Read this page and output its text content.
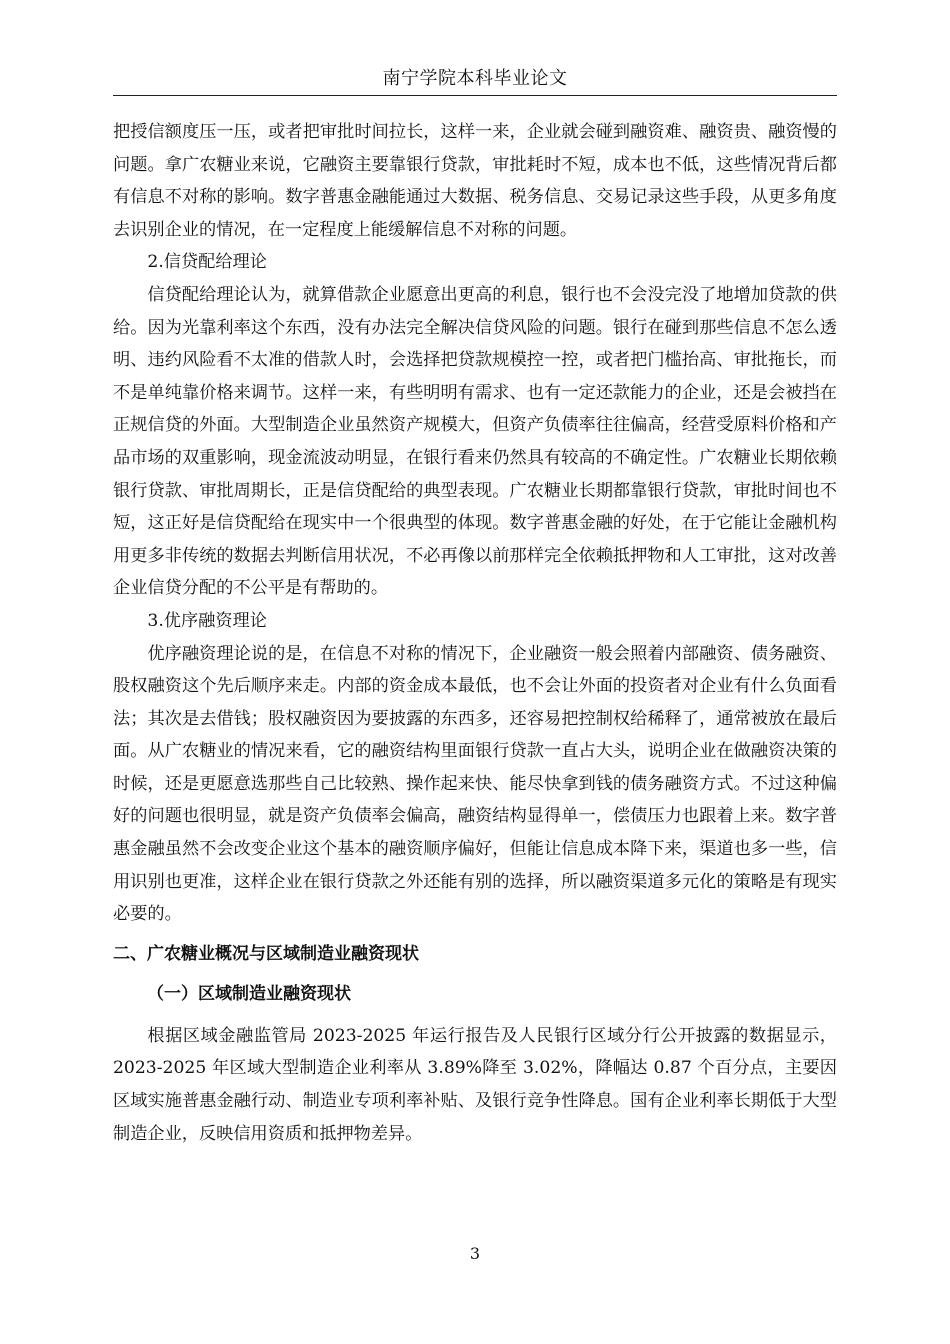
南宁学院本科毕业论文

把授信额度压一压，或者把审批时间拉长，这样一来，企业就会碰到融资难、融资贵、融资慢的问题。拿广农糖业来说，它融资主要靠银行贷款，审批耗时不短，成本也不低，这些情况背后都有信息不对称的影响。数字普惠金融能通过大数据、税务信息、交易记录这些手段，从更多角度去识别企业的情况，在一定程度上能缓解信息不对称的问题。

2.信贷配给理论

信贷配给理论认为，就算借款企业愿意出更高的利息，银行也不会没完没了地增加贷款的供给。因为光靠利率这个东西，没有办法完全解决信贷风险的问题。银行在碰到那些信息不怎么透明、违约风险看不太准的借款人时，会选择把贷款规模控一控，或者把门槛抬高、审批拖长，而不是单纯靠价格来调节。这样一来，有些明明有需求、也有一定还款能力的企业，还是会被挡在正规信贷的外面。大型制造企业虽然资产规模大，但资产负债率往往偏高，经营受原料价格和产品市场的双重影响，现金流波动明显，在银行看来仍然具有较高的不确定性。广农糖业长期依赖银行贷款、审批周期长，正是信贷配给的典型表现。广农糖业长期都靠银行贷款，审批时间也不短，这正好是信贷配给在现实中一个很典型的体现。数字普惠金融的好处，在于它能让金融机构用更多非传统的数据去判断信用状况，不必再像以前那样完全依赖抵押物和人工审批，这对改善企业信贷分配的不公平是有帮助的。

3.优序融资理论

优序融资理论说的是，在信息不对称的情况下，企业融资一般会照着内部融资、债务融资、股权融资这个先后顺序来走。内部的资金成本最低，也不会让外面的投资者对企业有什么负面看法；其次是去借钱；股权融资因为要披露的东西多，还容易把控制权给稀释了，通常被放在最后面。从广农糖业的情况来看，它的融资结构里面银行贷款一直占大头，说明企业在做融资决策的时候，还是更愿意选那些自己比较熟、操作起来快、能尽快拿到钱的债务融资方式。不过这种偏好的问题也很明显，就是资产负债率会偏高，融资结构显得单一，偿债压力也跟着上来。数字普惠金融虽然不会改变企业这个基本的融资顺序偏好，但能让信息成本降下来，渠道也多一些，信用识别也更准，这样企业在银行贷款之外还能有别的选择，所以融资渠道多元化的策略是有现实必要的。

二、广农糖业概况与区域制造业融资现状

（一）区域制造业融资现状

根据区域金融监管局 2023-2025 年运行报告及人民银行区域分行公开披露的数据显示，2023-2025 年区域大型制造企业利率从 3.89%降至 3.02%，降幅达 0.87 个百分点，主要因区域实施普惠金融行动、制造业专项利率补贴、及银行竞争性降息。国有企业利率长期低于大型制造企业，反映信用资质和抵押物差异。

3
